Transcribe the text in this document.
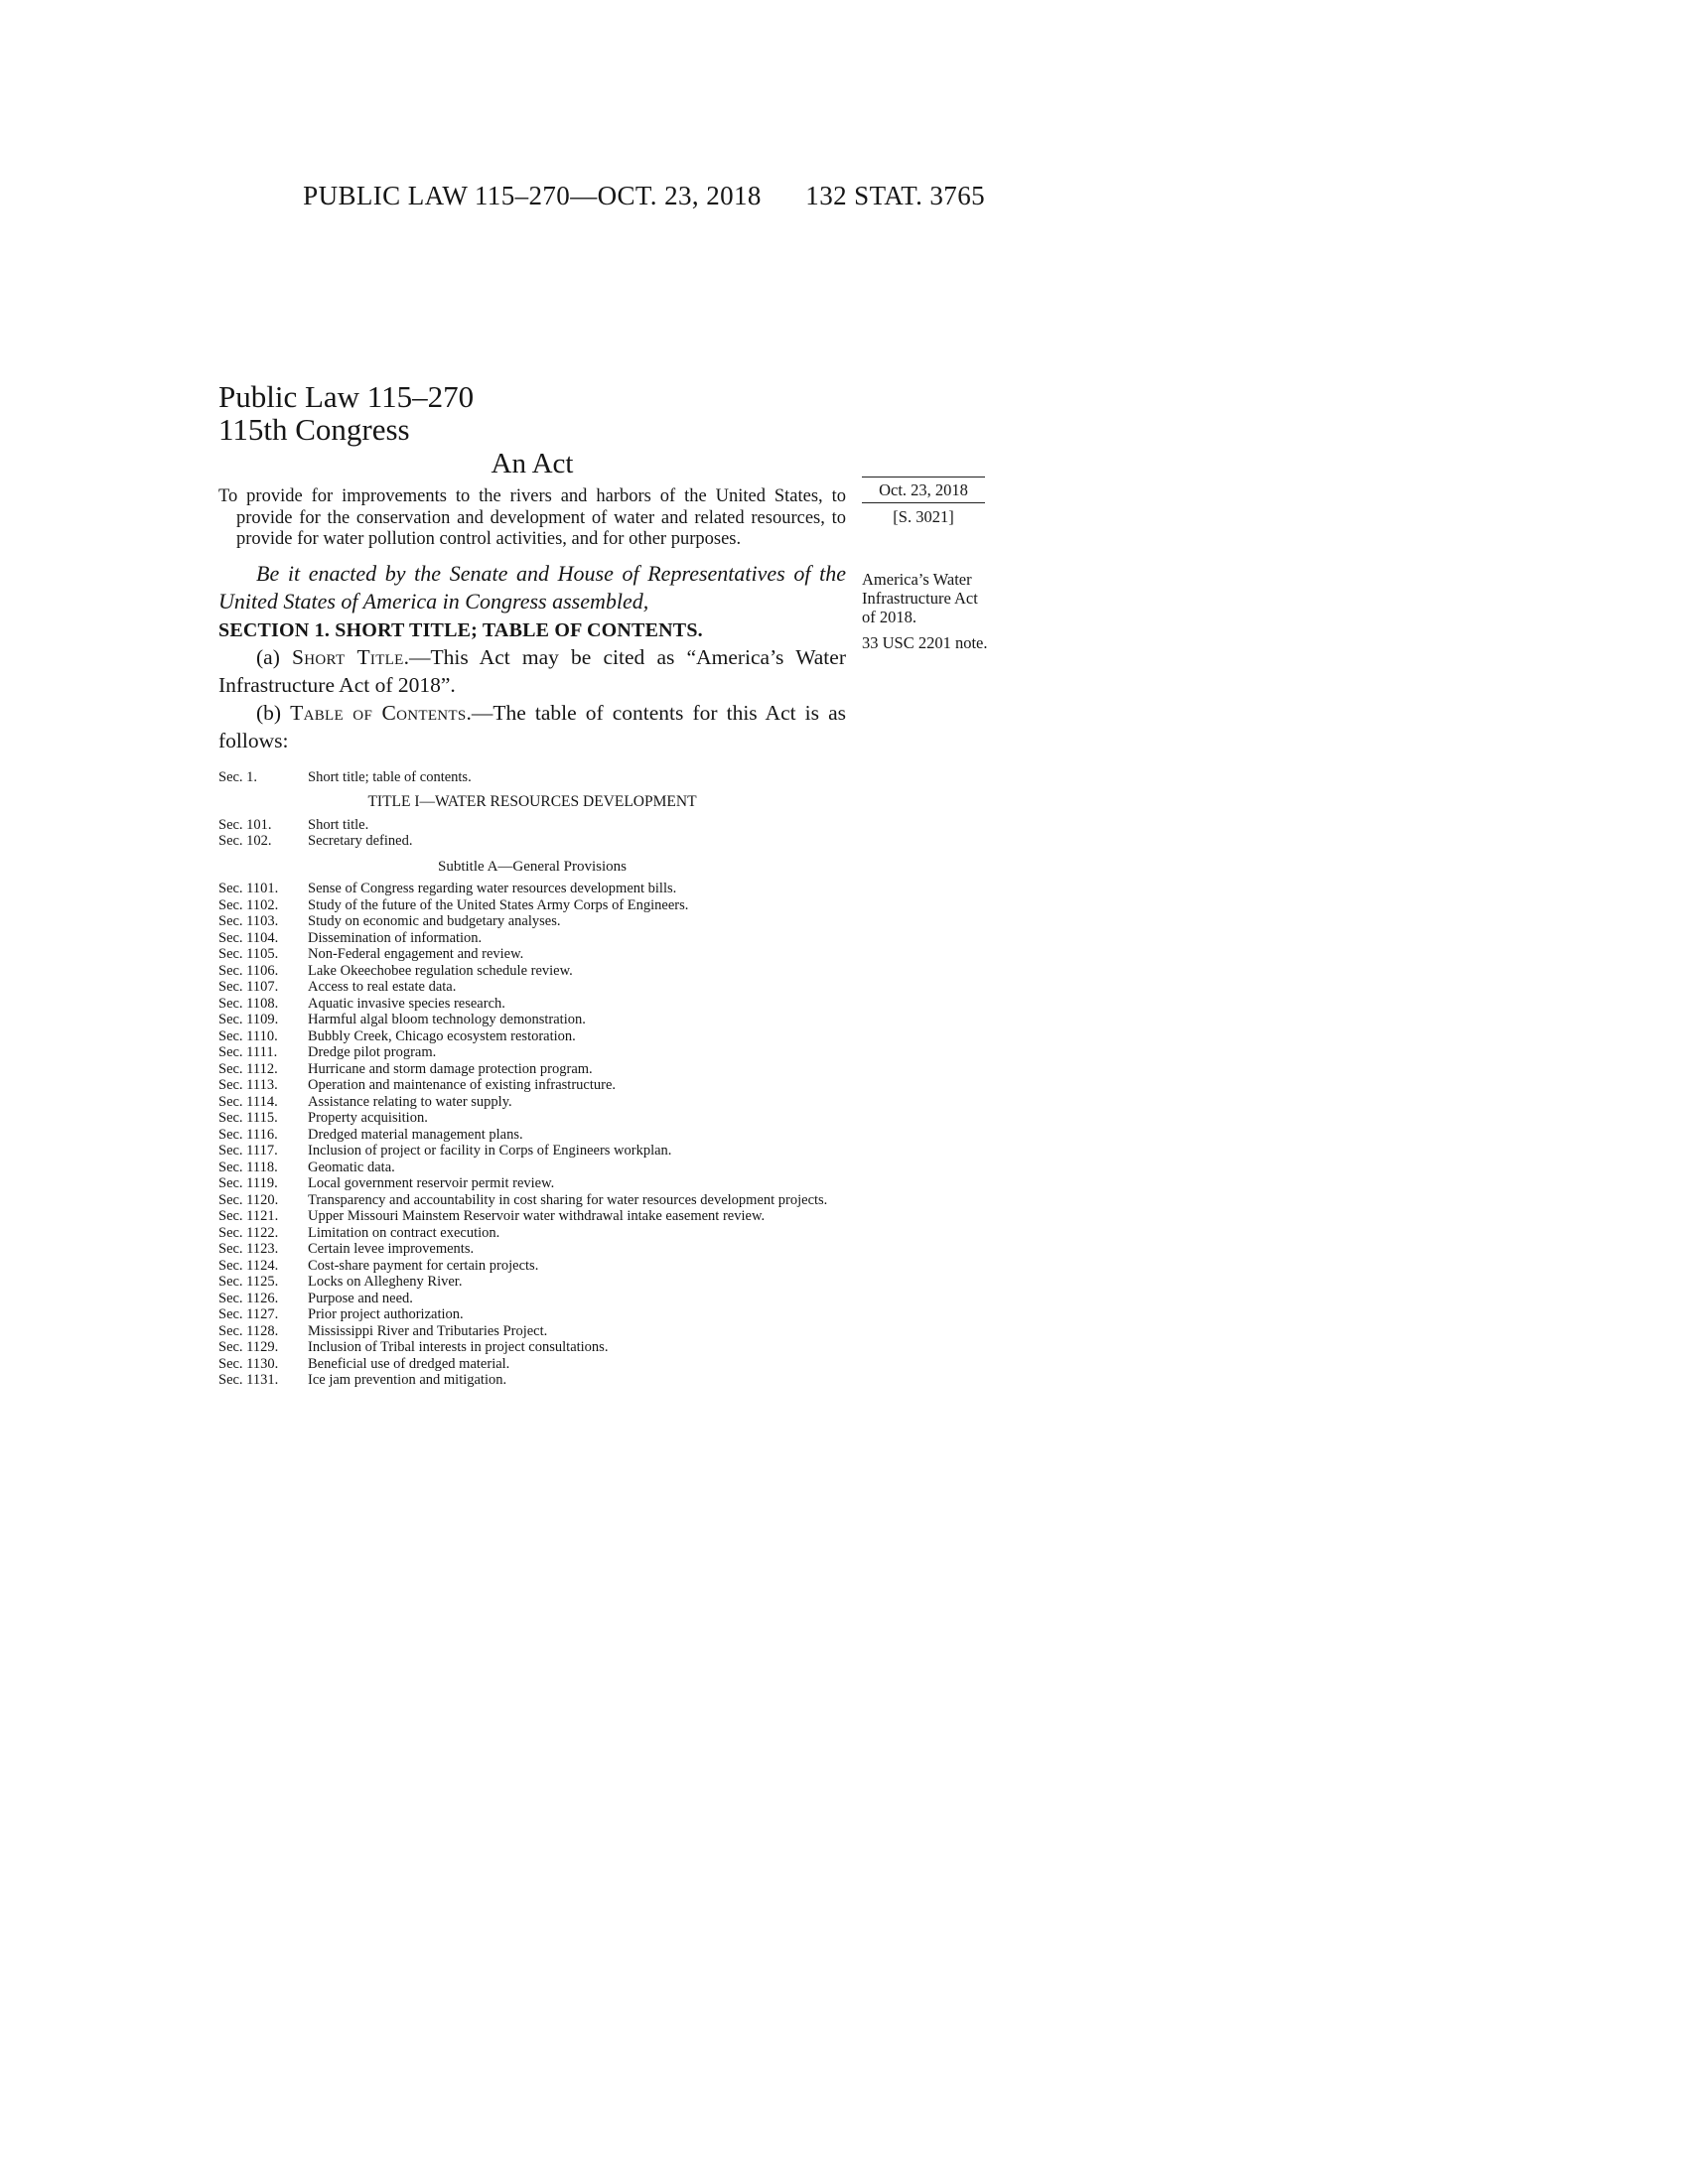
PUBLIC LAW 115–270—OCT. 23, 2018	132 STAT. 3765
Oct. 23, 2018
[S. 3021]
America’s Water Infrastructure Act of 2018.
33 USC 2201 note.
Public Law 115–270
115th Congress
An Act

To provide for improvements to the rivers and harbors of the United States, to provide for the conservation and development of water and related resources, to provide for water pollution control activities, and for other purposes.

Be it enacted by the Senate and House of Representatives of the United States of America in Congress assembled,

SECTION 1. SHORT TITLE; TABLE OF CONTENTS.

(a) Short Title.—This Act may be cited as “America’s Water Infrastructure Act of 2018”.

(b) Table of Contents.—The table of contents for this Act is as follows:

Sec. 1.	Short title; table of contents.
TITLE I—WATER RESOURCES DEVELOPMENT
Sec. 101.	Short title.
Sec. 102.	Secretary defined.
Subtitle A—General Provisions
Sec. 1101.	Sense of Congress regarding water resources development bills.
Sec. 1102.	Study of the future of the United States Army Corps of Engineers.
Sec. 1103.	Study on economic and budgetary analyses.
Sec. 1104.	Dissemination of information.
Sec. 1105.	Non-Federal engagement and review.
Sec. 1106.	Lake Okeechobee regulation schedule review.
Sec. 1107.	Access to real estate data.
Sec. 1108.	Aquatic invasive species research.
Sec. 1109.	Harmful algal bloom technology demonstration.
Sec. 1110.	Bubbly Creek, Chicago ecosystem restoration.
Sec. 1111.	Dredge pilot program.
Sec. 1112.	Hurricane and storm damage protection program.
Sec. 1113.	Operation and maintenance of existing infrastructure.
Sec. 1114.	Assistance relating to water supply.
Sec. 1115.	Property acquisition.
Sec. 1116.	Dredged material management plans.
Sec. 1117.	Inclusion of project or facility in Corps of Engineers workplan.
Sec. 1118.	Geomatic data.
Sec. 1119.	Local government reservoir permit review.
Sec. 1120.	Transparency and accountability in cost sharing for water resources development projects.
Sec. 1121.	Upper Missouri Mainstem Reservoir water withdrawal intake easement review.
Sec. 1122.	Limitation on contract execution.
Sec. 1123.	Certain levee improvements.
Sec. 1124.	Cost-share payment for certain projects.
Sec. 1125.	Locks on Allegheny River.
Sec. 1126.	Purpose and need.
Sec. 1127.	Prior project authorization.
Sec. 1128.	Mississippi River and Tributaries Project.
Sec. 1129.	Inclusion of Tribal interests in project consultations.
Sec. 1130.	Beneficial use of dredged material.
Sec. 1131.	Ice jam prevention and mitigation.
